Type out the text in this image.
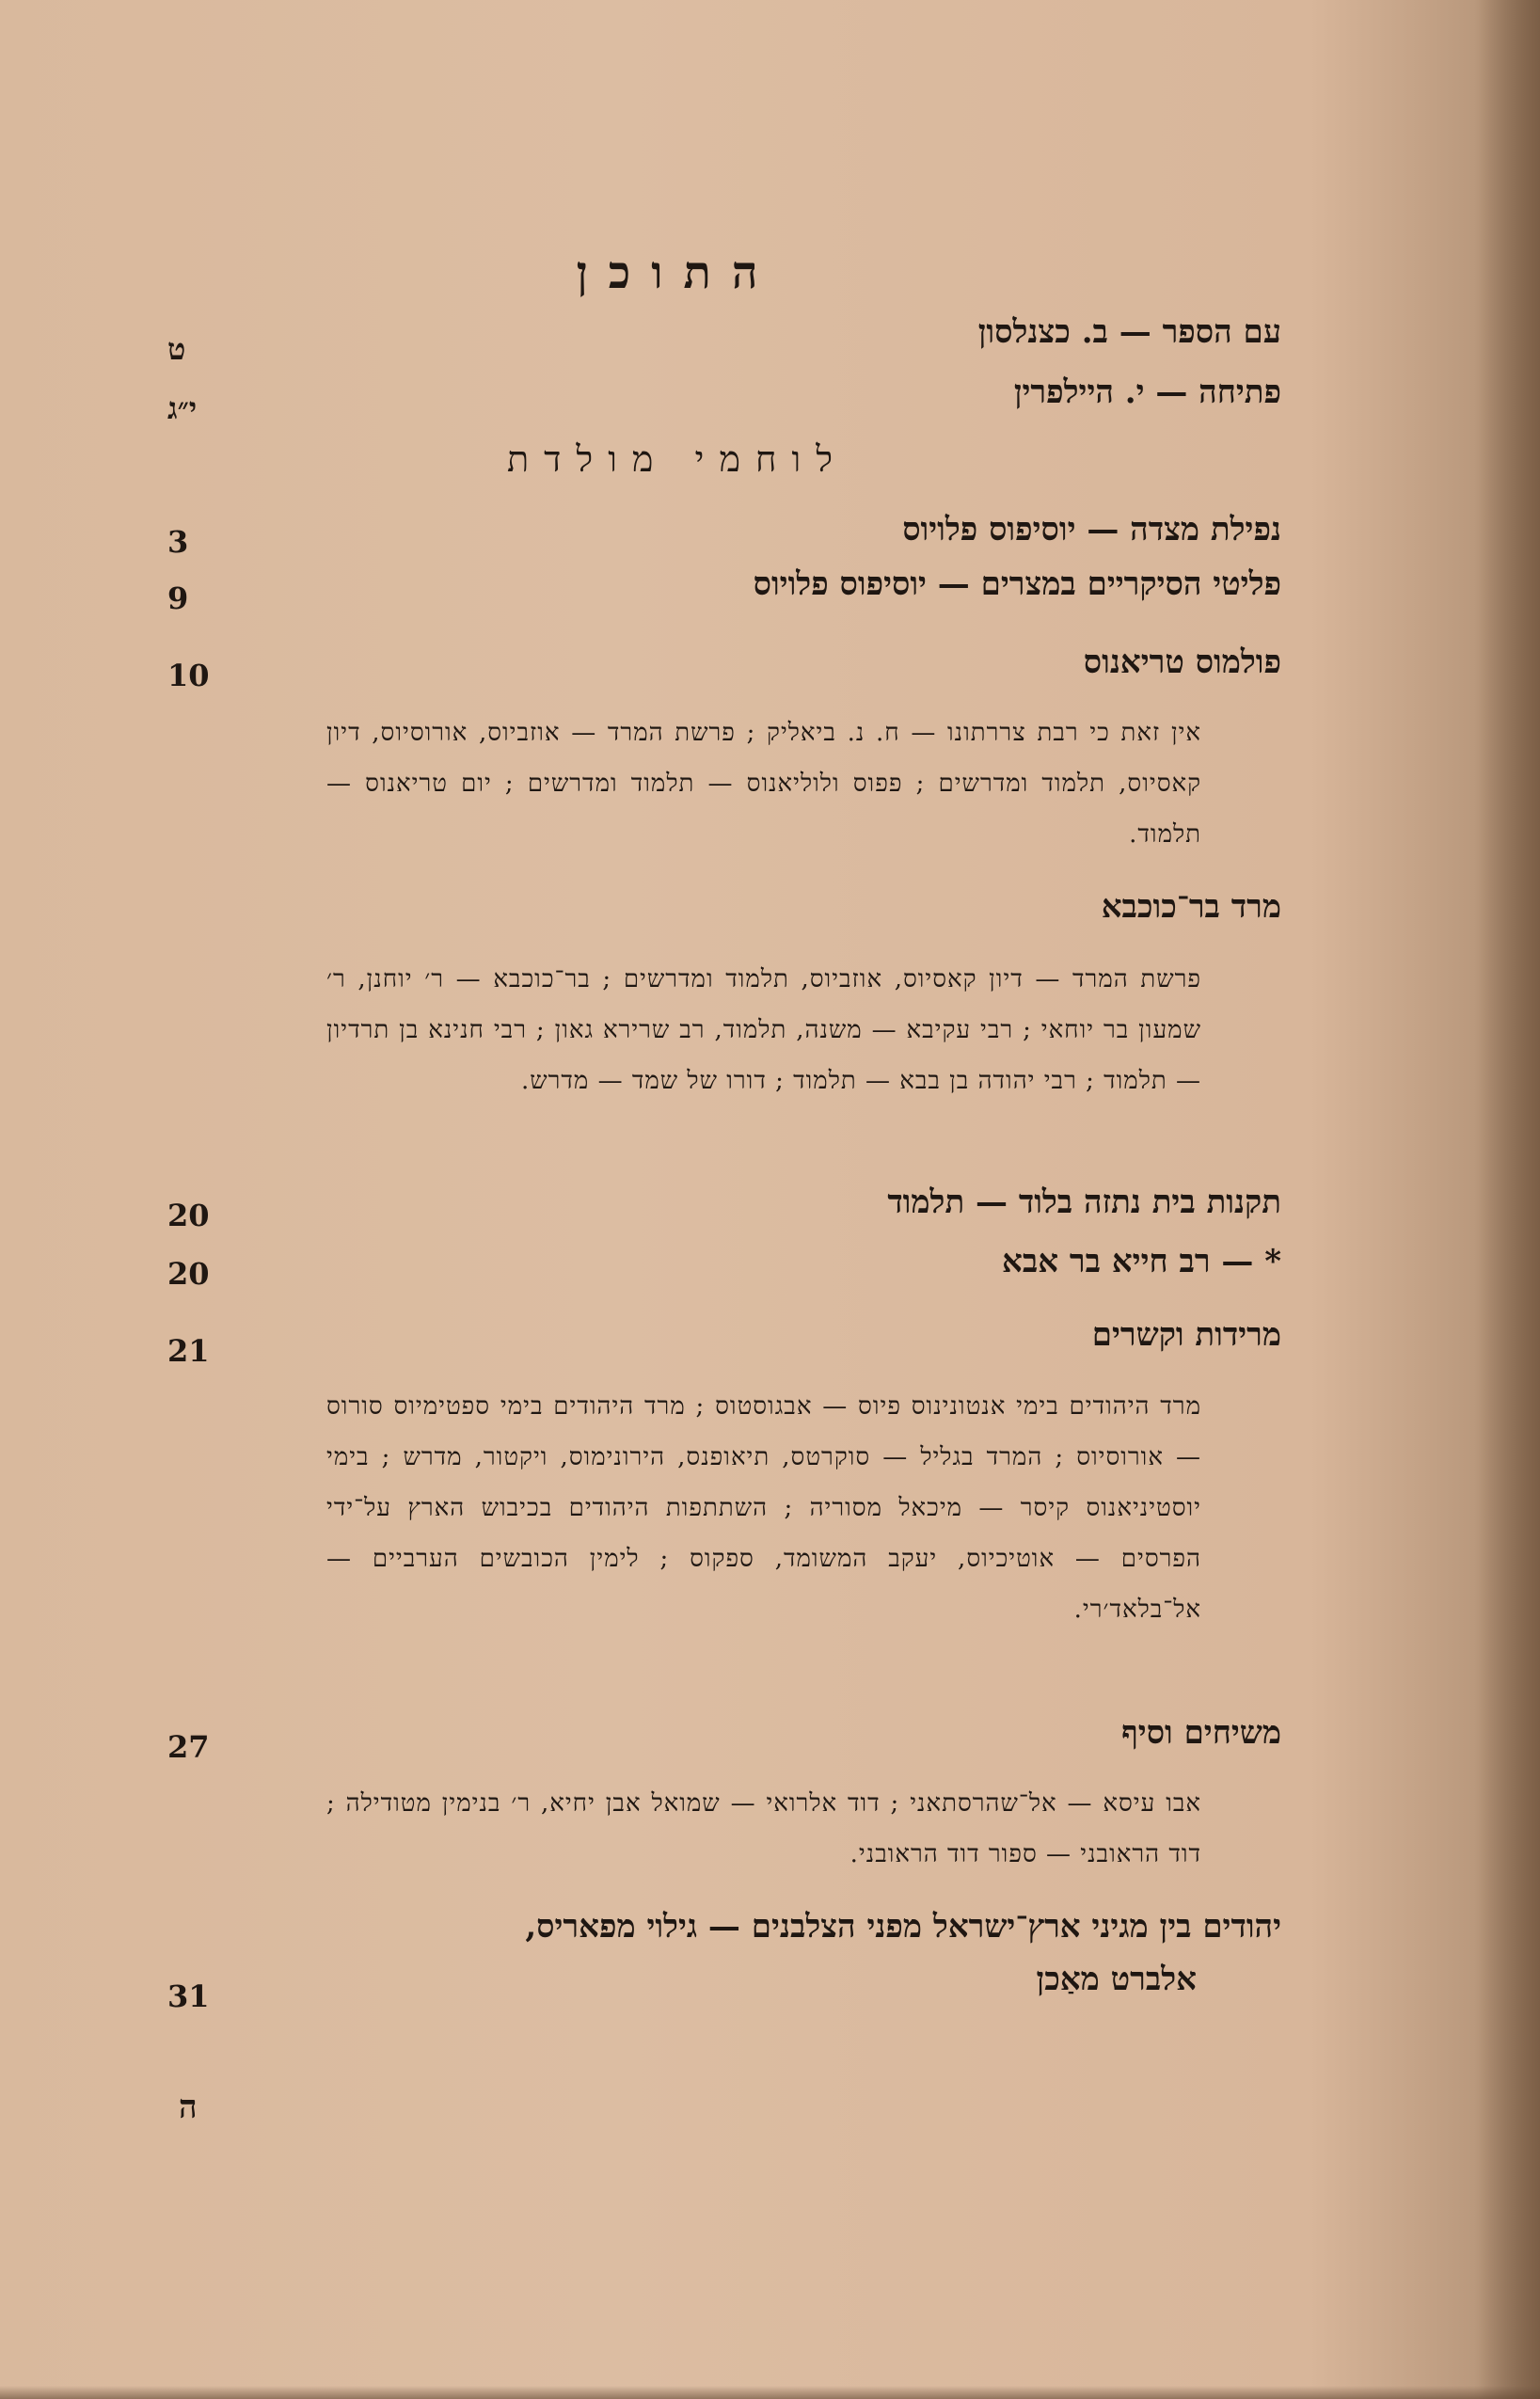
התוכן
עם הספר — ב. כצנלסון
ט
פתיחה — י. היילפרין
י״ג
לוחמי מולדת
נפילת מצדה — יוסיפוס פלויוס
3
פליטי הסיקריים במצרים — יוסיפוס פלויוס
9
פולמוס טריאנוס
10
אין זאת כי רבת צררתונו — ח. נ. ביאליק ; פרשת המרד — אוזביוס, אורוסיוס, דיון קאסיוס, תלמוד ומדרשים ; פפוס ולוליאנוס — תלמוד ומדרשים ; יום טריאנוס — תלמוד.
מרד בר־כוכבא
פרשת המרד — דיון קאסיוס, אוזביוס, תלמוד ומדרשים ; בר־כוכבא — ר׳ יוחנן, ר׳ שמעון בר יוחאי ; רבי עקיבא — משנה, תלמוד, רב שרירא גאון ; רבי חנינא בן תרדיון — תלמוד ; רבי יהודה בן בבא — תלמוד ; דורו של שמד — מדרש.
תקנות בית נתזה בלוד — תלמוד
20
* — רב חייא בר אבא
20
מרידות וקשרים
21
מרד היהודים בימי אנטונינוס פיוס — אבגוסטוס ; מרד היהודים בימי ספטימיוס סורוס — אורוסיוס ; המרד בגליל — סוקרטס, תיאופנס, הירונימוס, ויקטור, מדרש ; בימי יוסטיניאנוס קיסר — מיכאל מסוריה ; השתתפות היהודים בכיבוש הארץ על־ידי הפרסים — אוטיכיוס, יעקב המשומד, ספקוס ; לימין הכובשים הערביים — אל־בלאד׳רי.
משיחים וסיף
27
אבו עיסא — אל־שהרסתאני ; דוד אלרואי — שמואל אבן יחיא, ר׳ בנימין מטודילה ; דוד הראובני — ספור דוד הראובני.
יהודים בין מגיני ארץ־ישראל מפני הצלבנים — גילוי מפאריס,
אלברט מאַכן
31
ה
